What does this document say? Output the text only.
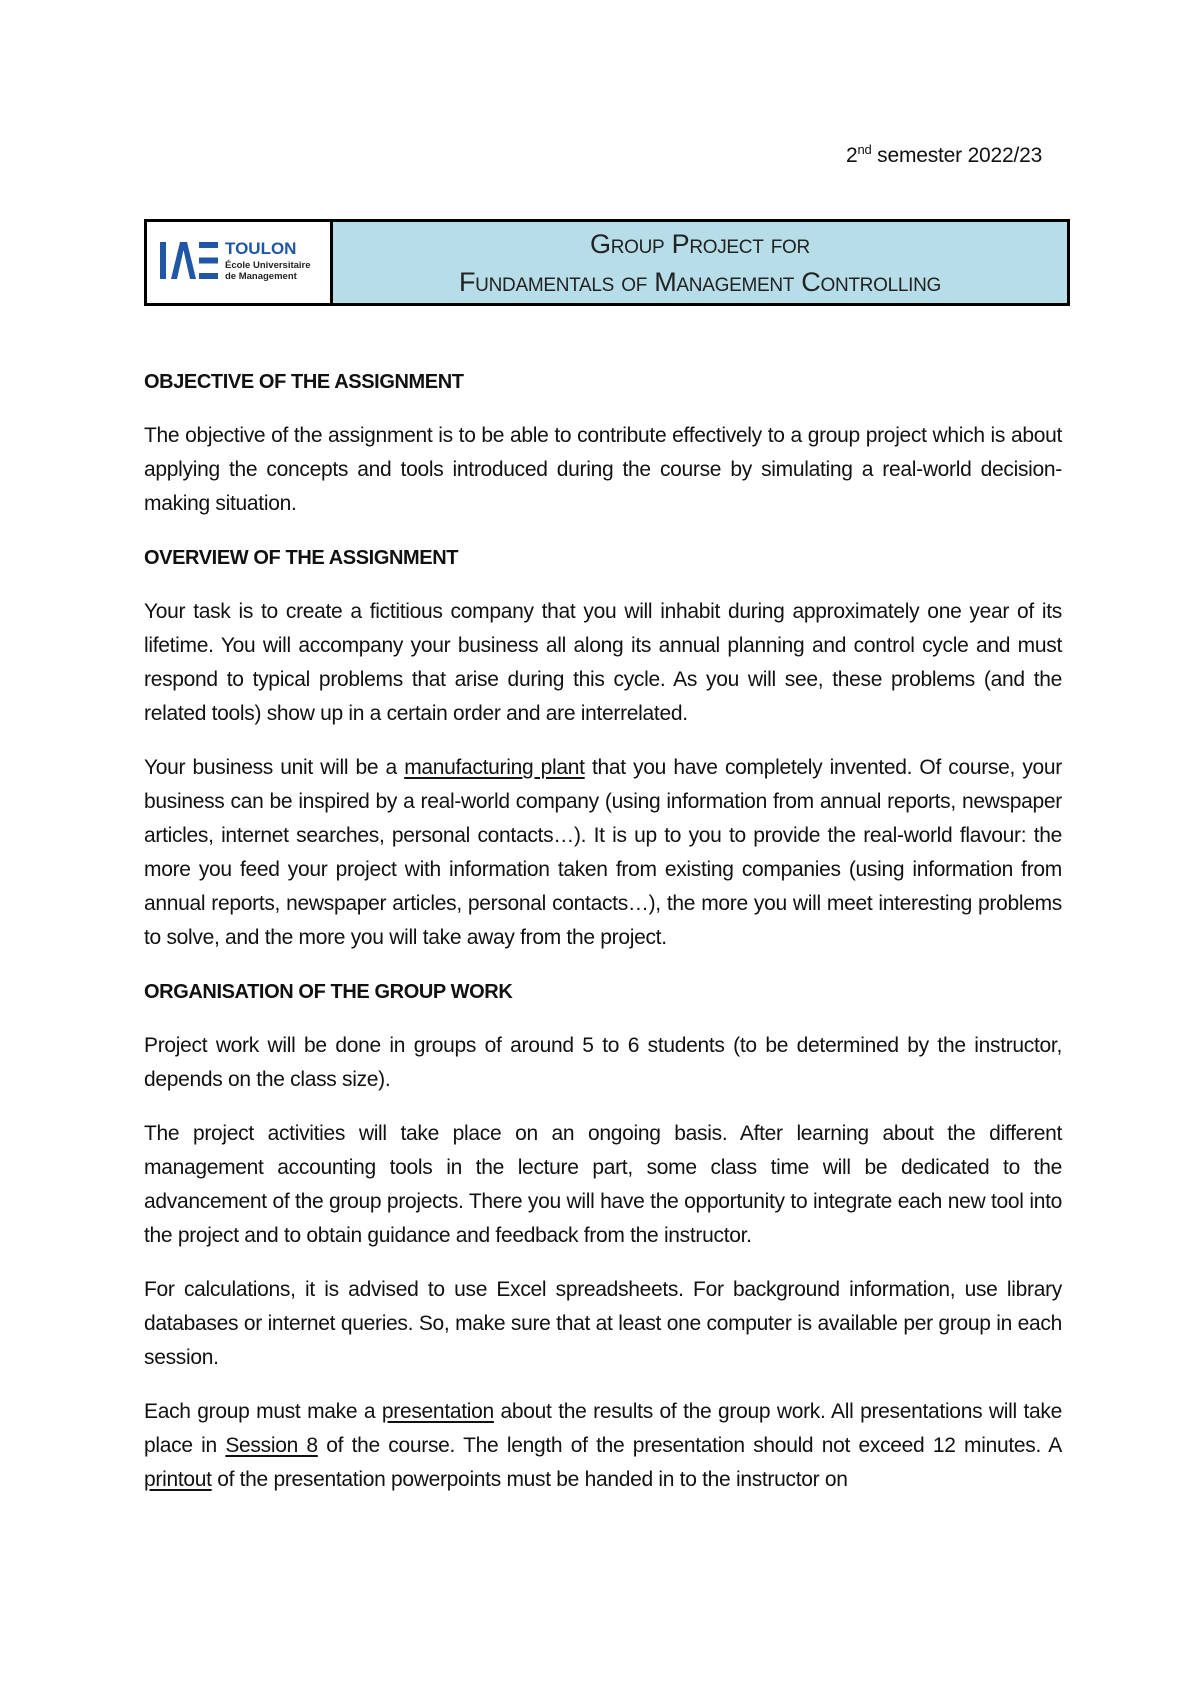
2nd semester 2022/23
TOULON
École Universitaire
de Management
Group Project for
Fundamentals of Management Controlling
OBJECTIVE OF THE ASSIGNMENT

The objective of the assignment is to be able to contribute effectively to a group project which is about applying the concepts and tools introduced during the course by simulating a real-world decision-making situation.

OVERVIEW OF THE ASSIGNMENT

Your task is to create a fictitious company that you will inhabit during approximately one year of its lifetime. You will accompany your business all along its annual planning and control cycle and must respond to typical problems that arise during this cycle. As you will see, these problems (and the related tools) show up in a certain order and are interrelated.

Your business unit will be a manufacturing plant that you have completely invented. Of course, your business can be inspired by a real-world company (using information from annual reports, newspaper articles, internet searches, personal contacts…). It is up to you to provide the real-world flavour: the more you feed your project with information taken from existing companies (using information from annual reports, newspaper articles, personal contacts…), the more you will meet interesting problems to solve, and the more you will take away from the project.

ORGANISATION OF THE GROUP WORK

Project work will be done in groups of around 5 to 6 students (to be determined by the instructor, depends on the class size).

The project activities will take place on an ongoing basis. After learning about the different management accounting tools in the lecture part, some class time will be dedicated to the advancement of the group projects. There you will have the opportunity to integrate each new tool into the project and to obtain guidance and feedback from the instructor.

For calculations, it is advised to use Excel spreadsheets. For background information, use library databases or internet queries. So, make sure that at least one computer is available per group in each session.

Each group must make a presentation about the results of the group work. All presentations will take place in Session 8 of the course. The length of the presentation should not exceed 12 minutes. A printout of the presentation powerpoints must be handed in to the instructor on
